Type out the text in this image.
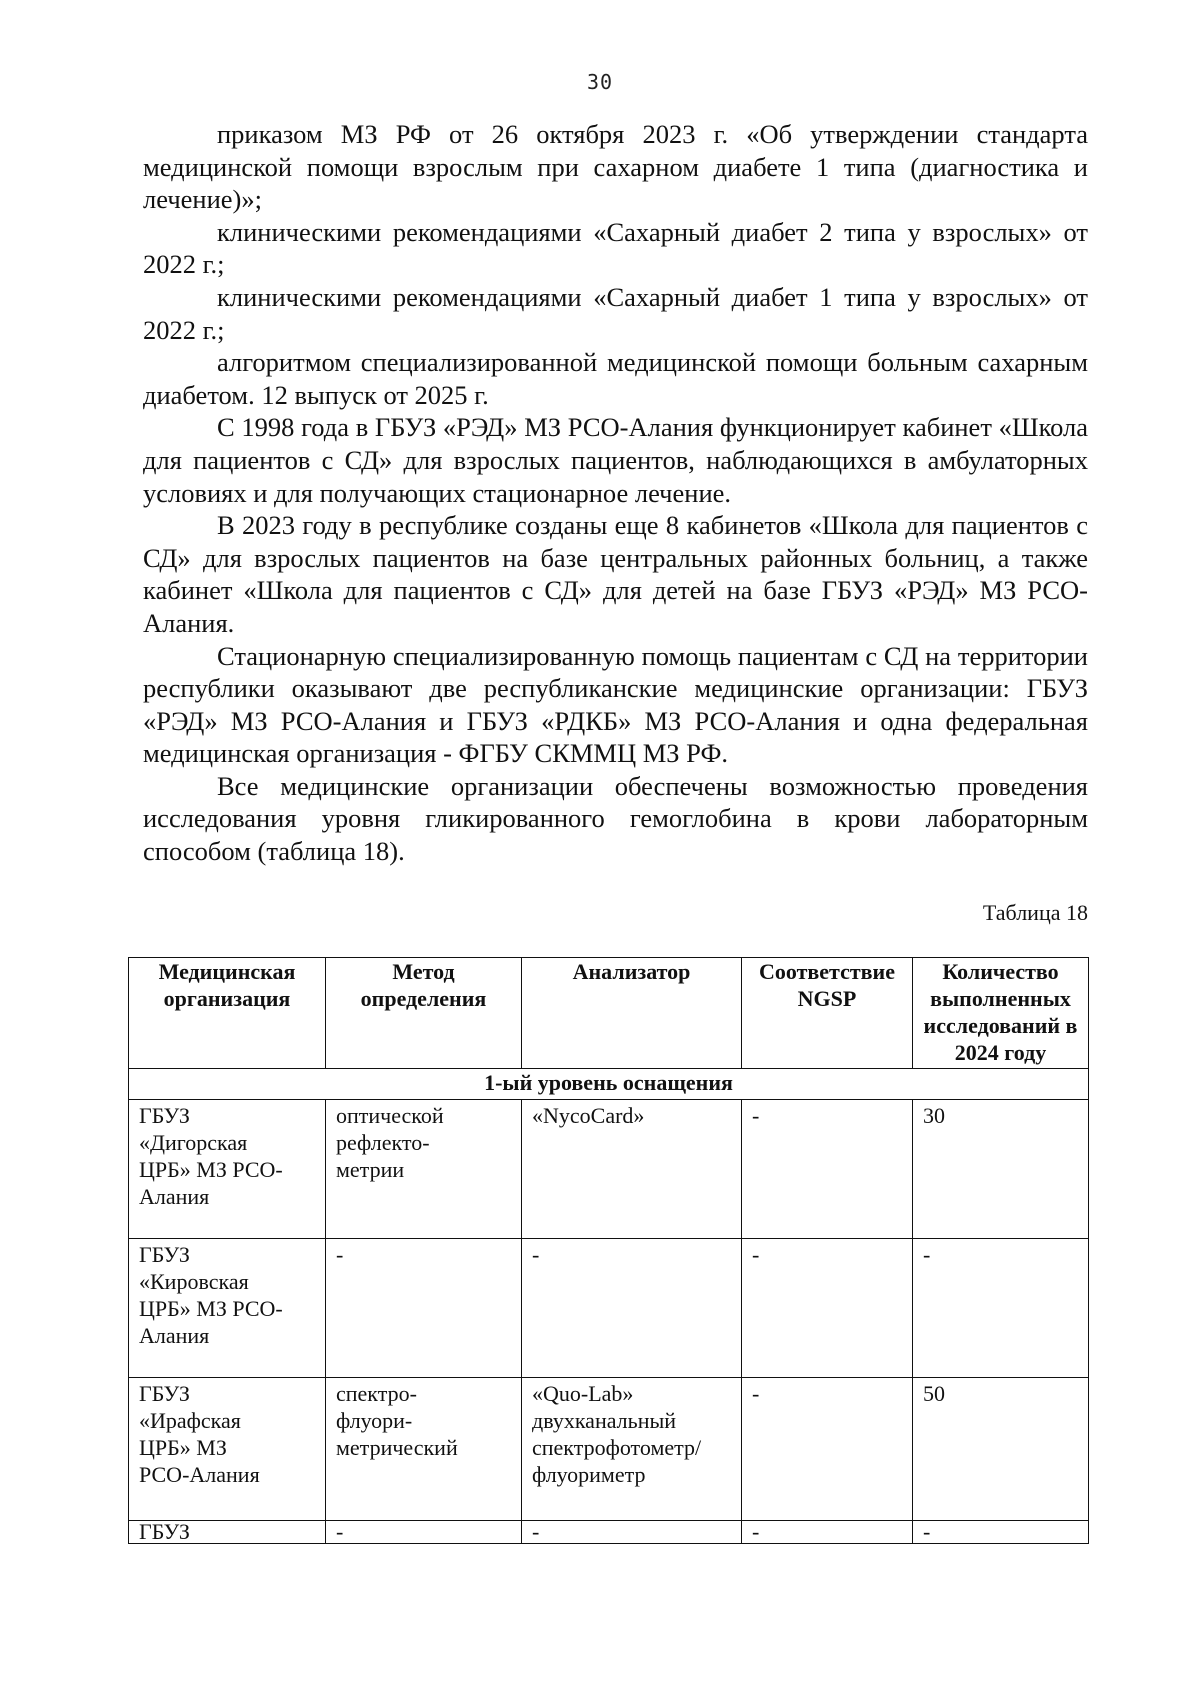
30

приказом МЗ РФ от 26 октября 2023 г. «Об утверждении стандарта медицинской помощи взрослым при сахарном диабете 1 типа (диагностика и лечение)»;

клиническими рекомендациями «Сахарный диабет 2 типа у взрослых» от 2022 г.;

клиническими рекомендациями «Сахарный диабет 1 типа у взрослых» от 2022 г.;

алгоритмом специализированной медицинской помощи больным сахарным диабетом. 12 выпуск от 2025 г.

С 1998 года в ГБУЗ «РЭД» МЗ РСО-Алания функционирует кабинет «Школа для пациентов с СД» для взрослых пациентов, наблюдающихся в амбулаторных условиях и для получающих стационарное лечение.

В 2023 году в республике созданы еще 8 кабинетов «Школа для пациентов с СД» для взрослых пациентов на базе центральных районных больниц, а также кабинет «Школа для пациентов с СД» для детей на базе ГБУЗ «РЭД» МЗ РСО-Алания.

Стационарную специализированную помощь пациентам с СД на территории республики оказывают две республиканские медицинские организации: ГБУЗ «РЭД» МЗ РСО-Алания и ГБУЗ «РДКБ» МЗ РСО-Алания и одна федеральная медицинская организация - ФГБУ СКММЦ МЗ РФ.

Все медицинские организации обеспечены возможностью проведения исследования уровня гликированного гемоглобина в крови лабораторным способом (таблица 18).

Таблица 18
Медицинская организация	Метод определения	Анализатор	Соответствие NGSP	Количество выполненных исследований в 2024 году
1-ый уровень оснащения				

ГБУЗ
«Дигорская
ЦРБ» МЗ РСО-
Алания	оптической
рефлекто-
метрии	«NycoCard»	-	30

ГБУЗ
«Кировская
ЦРБ» МЗ РСО-
Алания	-	-	-	-

ГБУЗ
«Ирафская
ЦРБ» МЗ
РСО-Алания	спектро-
флуори-
метрический	«Quo-Lab»
двухканальный
спектрофотометр/
флуориметр	-	50

ГБУЗ	-	-	-	-
